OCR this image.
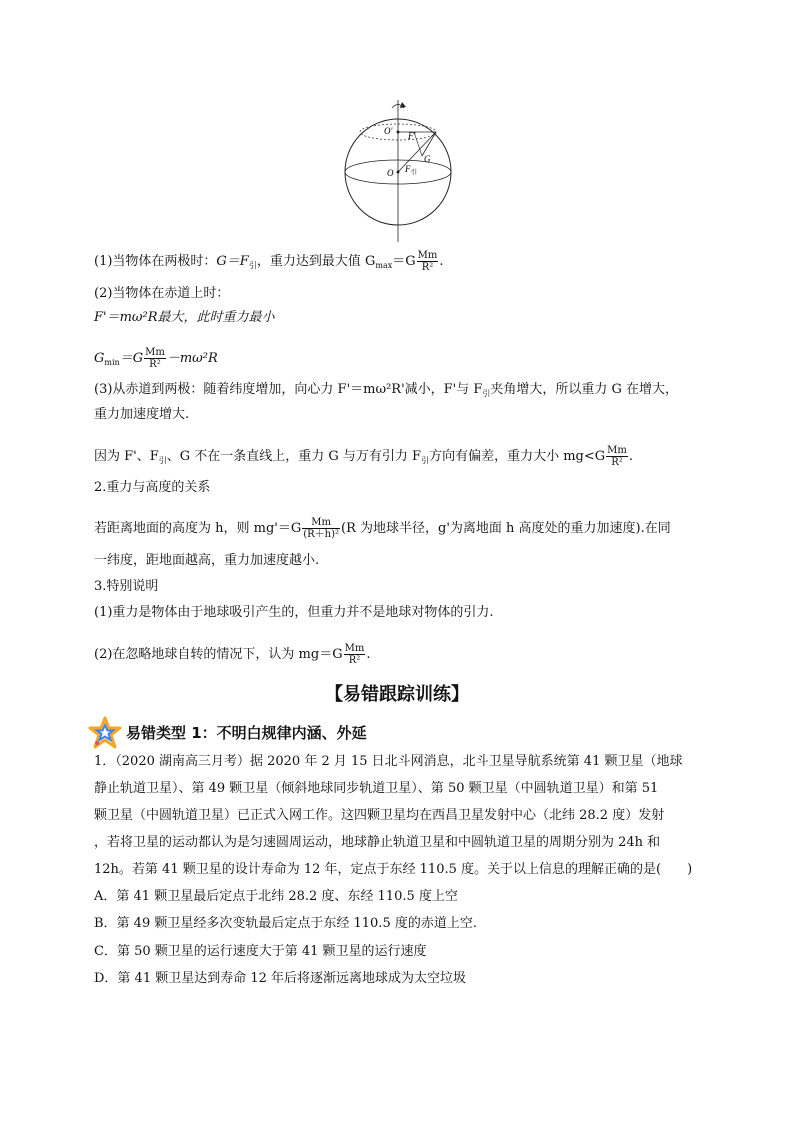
O' F'
O F 引
G
(1)当物体在两极时：$G=F_引$，重力达到最大值 $G_{max}=G \frac{Mm}{\text{R²}}$ .
(2)当物体在赤道上时：
F'＝mω²R最大，此时重力最小
$G_{min}=G \frac{Mm}{\text{R²}} -m\omega^2R$
(3)从赤道到两极：随着纬度增加，向心力 F'＝mω²R'减小，F'与 $F_引$夹角增大，所以重力 G 在增大，
重力加速度增大.
因为 F'、$F_引$、G 不在一条直线上，重力 G 与万有引力 $F_引$方向有偏差，重力大小 $mg<G \frac{Mm}{\text{R²}}$ .
2.重力与高度的关系
若距离地面的高度为 h，则 $mg'=G \frac{Mm}{\text{(R＋h)²}} (R$ 为地球半径，g'为离地面 h 高度处的重力加速度).在同
一纬度，距地面越高，重力加速度越小.
3.特别说明
(1)重力是物体由于地球吸引产生的，但重力并不是地球对物体的引力.
(2)在忽略地球自转的情况下，认为 $mg=G \frac{Mm}{\text{R²}}$ .
【易错跟踪训练】
易错类型 1：不明白规律内涵、外延
1．（2020 湖南高三月考）据 2020 年 2 月 15 日北斗网消息，北斗卫星导航系统第 41 颗卫星（地球
静止轨道卫星）、第 49 颗卫星（倾斜地球同步轨道卫星）、第 50 颗卫星（中圆轨道卫星）和第 51
颗卫星（中圆轨道卫星）已正式入网工作。这四颗卫星均在西昌卫星发射中心（北纬 28.2 度）发射
，若将卫星的运动都认为是匀速圆周运动，地球静止轨道卫星和中圆轨道卫星的周期分别为 24h 和
12h。若第 41 颗卫星的设计寿命为 12 年，定点于东经 110.5 度。关于以上信息的理解正确的是(　　)
A．第 41 颗卫星最后定点于北纬 28.2 度、东经 110.5 度上空
B．第 49 颗卫星经多次变轨最后定点于东经 110.5 度的赤道上空.
C．第 50 颗卫星的运行速度大于第 41 颗卫星的运行速度
D．第 41 颗卫星达到寿命 12 年后将逐渐远离地球成为太空垃圾
